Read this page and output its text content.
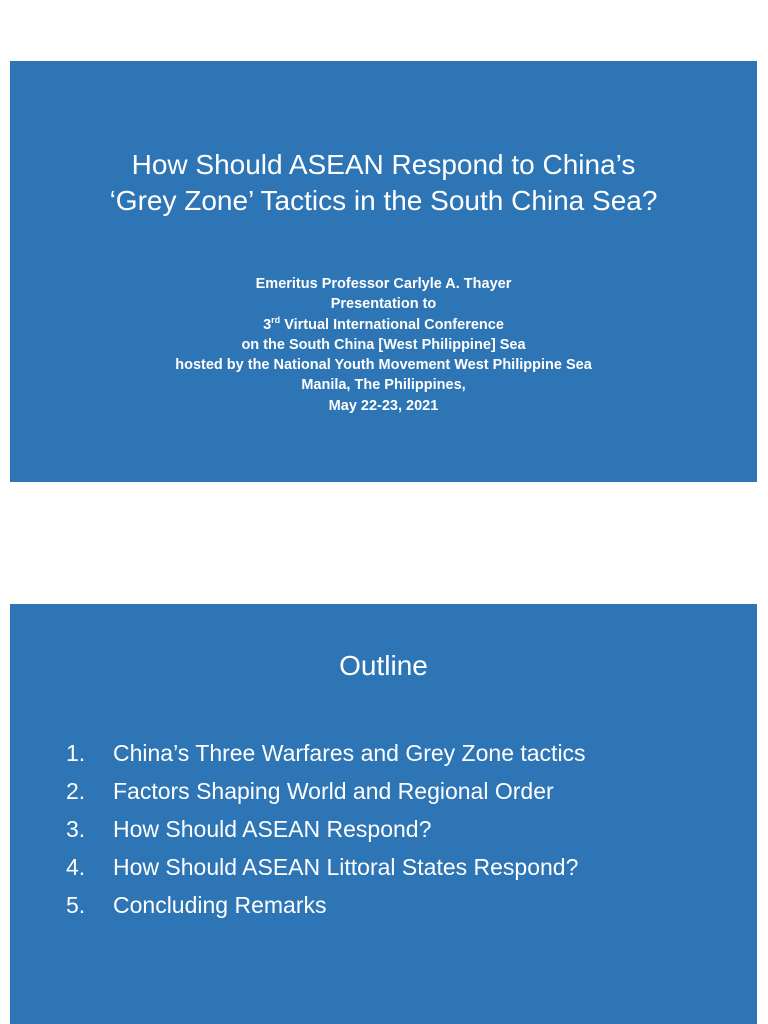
How Should ASEAN Respond to China’s
‘Grey Zone’ Tactics in the South China Sea?
Emeritus Professor Carlyle A. Thayer
Presentation to
3rd Virtual International Conference
on the South China [West Philippine] Sea
hosted by the National Youth Movement West Philippine Sea
Manila, The Philippines,
May 22-23, 2021
Outline
1.	China’s Three Warfares and Grey Zone tactics
2.	Factors Shaping World and Regional Order
3.	How Should ASEAN Respond?
4.	How Should ASEAN Littoral States Respond?
5.	Concluding Remarks
